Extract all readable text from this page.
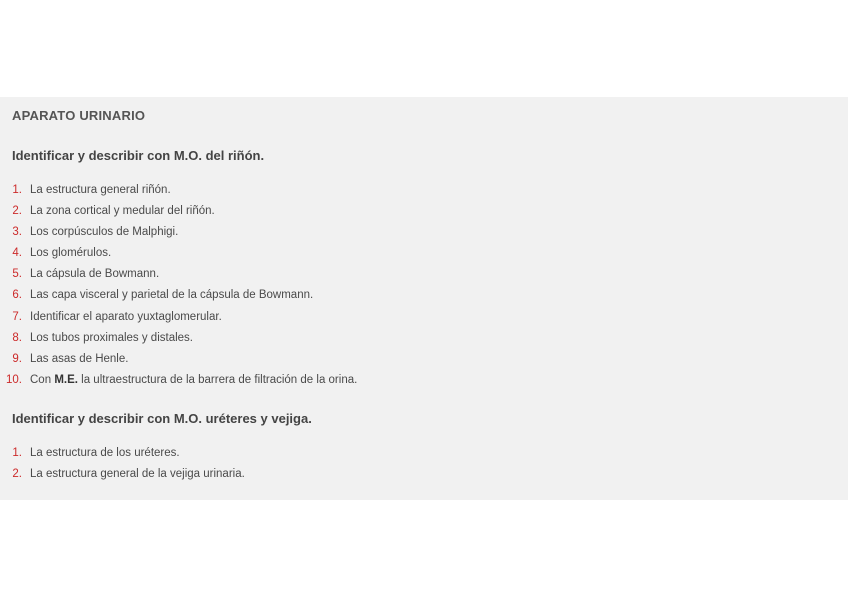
APARATO URINARIO
Identificar y describir con M.O. del riñón.
1. La estructura general riñón.
2. La zona cortical y medular del riñón.
3. Los corpúsculos de Malphigi.
4. Los glomérulos.
5. La cápsula de Bowmann.
6. Las capa visceral y parietal de la cápsula de Bowmann.
7. Identificar el aparato yuxtaglomerular.
8. Los tubos proximales y distales.
9. Las asas de Henle.
10. Con M.E. la ultraestructura de la barrera de filtración de la orina.
Identificar y describir con M.O. uréteres y vejiga.
1. La estructura de los uréteres.
2. La estructura general de la vejiga urinaria.
